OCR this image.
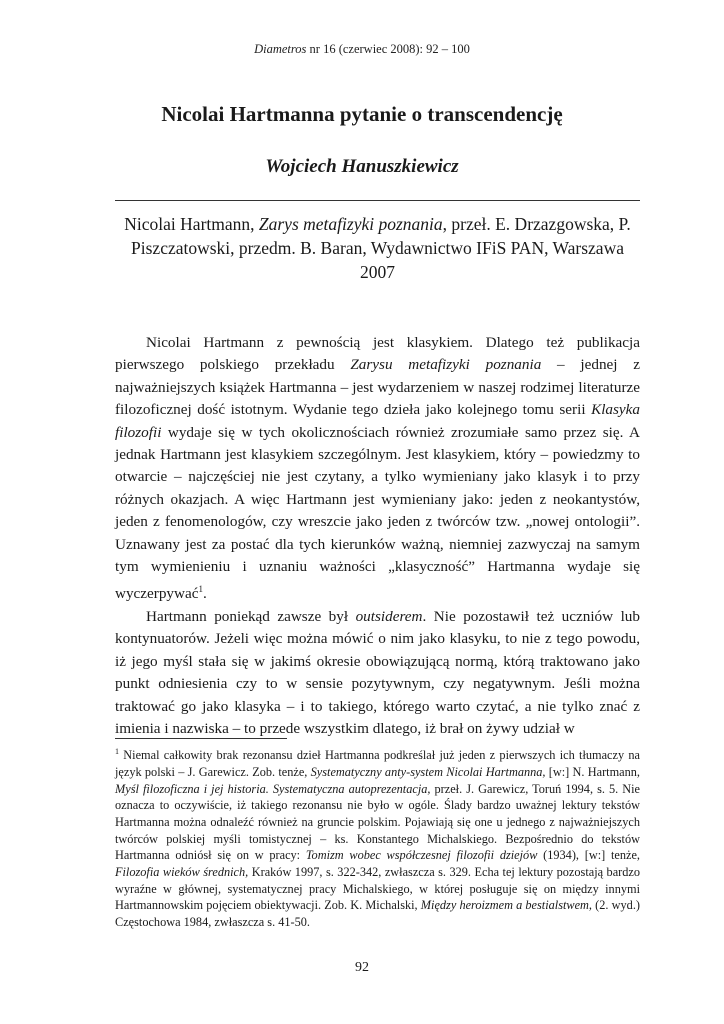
Diametros nr 16 (czerwiec 2008): 92 – 100
Nicolai Hartmanna pytanie o transcendencję
Wojciech Hanuszkiewicz

Nicolai Hartmann, Zarys metafizyki poznania, przeł. E. Drzazgowska, P. Piszczatowski, przedm. B. Baran, Wydawnictwo IFiS PAN, Warszawa 2007

Nicolai Hartmann z pewnością jest klasykiem. Dlatego też publikacja pierwszego polskiego przekładu Zarysu metafizyki poznania – jednej z najważniejszych książek Hartmanna – jest wydarzeniem w naszej rodzimej literaturze filozoficznej dość istotnym. Wydanie tego dzieła jako kolejnego tomu serii Klasyka filozofii wydaje się w tych okolicznościach również zrozumiałe samo przez się. A jednak Hartmann jest klasykiem szczególnym. Jest klasykiem, który – powiedzmy to otwarcie – najczęściej nie jest czytany, a tylko wymieniany jako klasyk i to przy różnych okazjach. A więc Hartmann jest wymieniany jako: jeden z neokantystów, jeden z fenomenologów, czy wreszcie jako jeden z twórców tzw. „nowej ontologii”. Uznawany jest za postać dla tych kierunków ważną, niemniej zazwyczaj na samym tym wymienieniu i uznaniu ważności „klasyczność” Hartmanna wydaje się wyczerpywać$^1$.

Hartmann poniekąd zawsze był outsiderem. Nie pozostawił też uczniów lub kontynuatorów. Jeżeli więc można mówić o nim jako klasyku, to nie z tego powodu, iż jego myśl stała się w jakimś okresie obowiązującą normą, którą traktowano jako punkt odniesienia czy to w sensie pozytywnym, czy negatywnym. Jeśli można traktować go jako klasyka – i to takiego, którego warto czytać, a nie tylko znać z imienia i nazwiska – to przede wszystkim dlatego, iż brał on żywy udział w

$^1$ Niemal całkowity brak rezonansu dzieł Hartmanna podkreślał już jeden z pierwszych ich tłumaczy na język polski – J. Garewicz. Zob. tenże, Systematyczny anty-system Nicolai Hartmanna, [w:] N. Hartmann, Myśl filozoficzna i jej historia. Systematyczna autoprezentacja, przeł. J. Garewicz, Toruń 1994, s. 5. Nie oznacza to oczywiście, iż takiego rezonansu nie było w ogóle. Ślady bardzo uważnej lektury tekstów Hartmanna można odnaleźć również na gruncie polskim. Pojawiają się one u jednego z najważniejszych twórców polskiej myśli tomistycznej – ks. Konstantego Michalskiego. Bezpośrednio do tekstów Hartmanna odniósł się on w pracy: Tomizm wobec współczesnej filozofii dziejów (1934), [w:] tenże, Filozofia wieków średnich, Kraków 1997, s. 322-342, zwłaszcza s. 329. Echa tej lektury pozostają bardzo wyraźne w głównej, systematycznej pracy Michalskiego, w której posługuje się on między innymi Hartmannowskim pojęciem obiektywacji. Zob. K. Michalski, Między heroizmem a bestialstwem, (2. wyd.) Częstochowa 1984, zwłaszcza s. 41-50.

92
